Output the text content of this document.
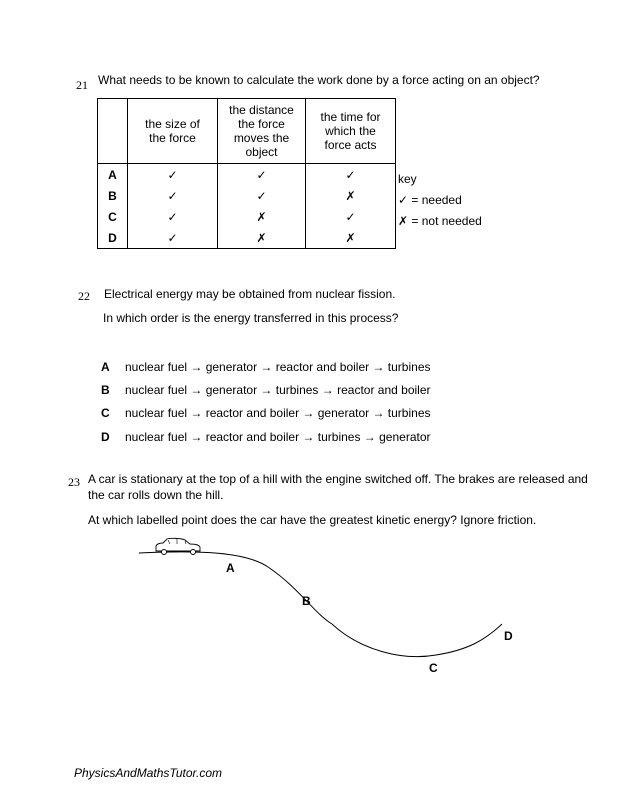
21 What needs to be known to calculate the work done by a force acting on an object?

	the size of the force	the distance the force moves the object	the time for which the force acts

A	✓	✓	✓
B	✓	✓	✗
C	✓	✗	✓
D	✓	✗	✗
key
✓ = needed
✗ = not needed
22 Electrical energy may be obtained from nuclear fission.
In which order is the energy transferred in this process?
A nuclear fuel → generator → reactor and boiler → turbines
B nuclear fuel → generator → turbines → reactor and boiler
C nuclear fuel → reactor and boiler → generator → turbines
D nuclear fuel → reactor and boiler → turbines → generator
23 A car is stationary at the top of a hill with the engine switched off. The brakes are released and
the car rolls down the hill.
At which labelled point does the car have the greatest kinetic energy? Ignore friction.
A
B
C
D
PhysicsAndMathsTutor.com
